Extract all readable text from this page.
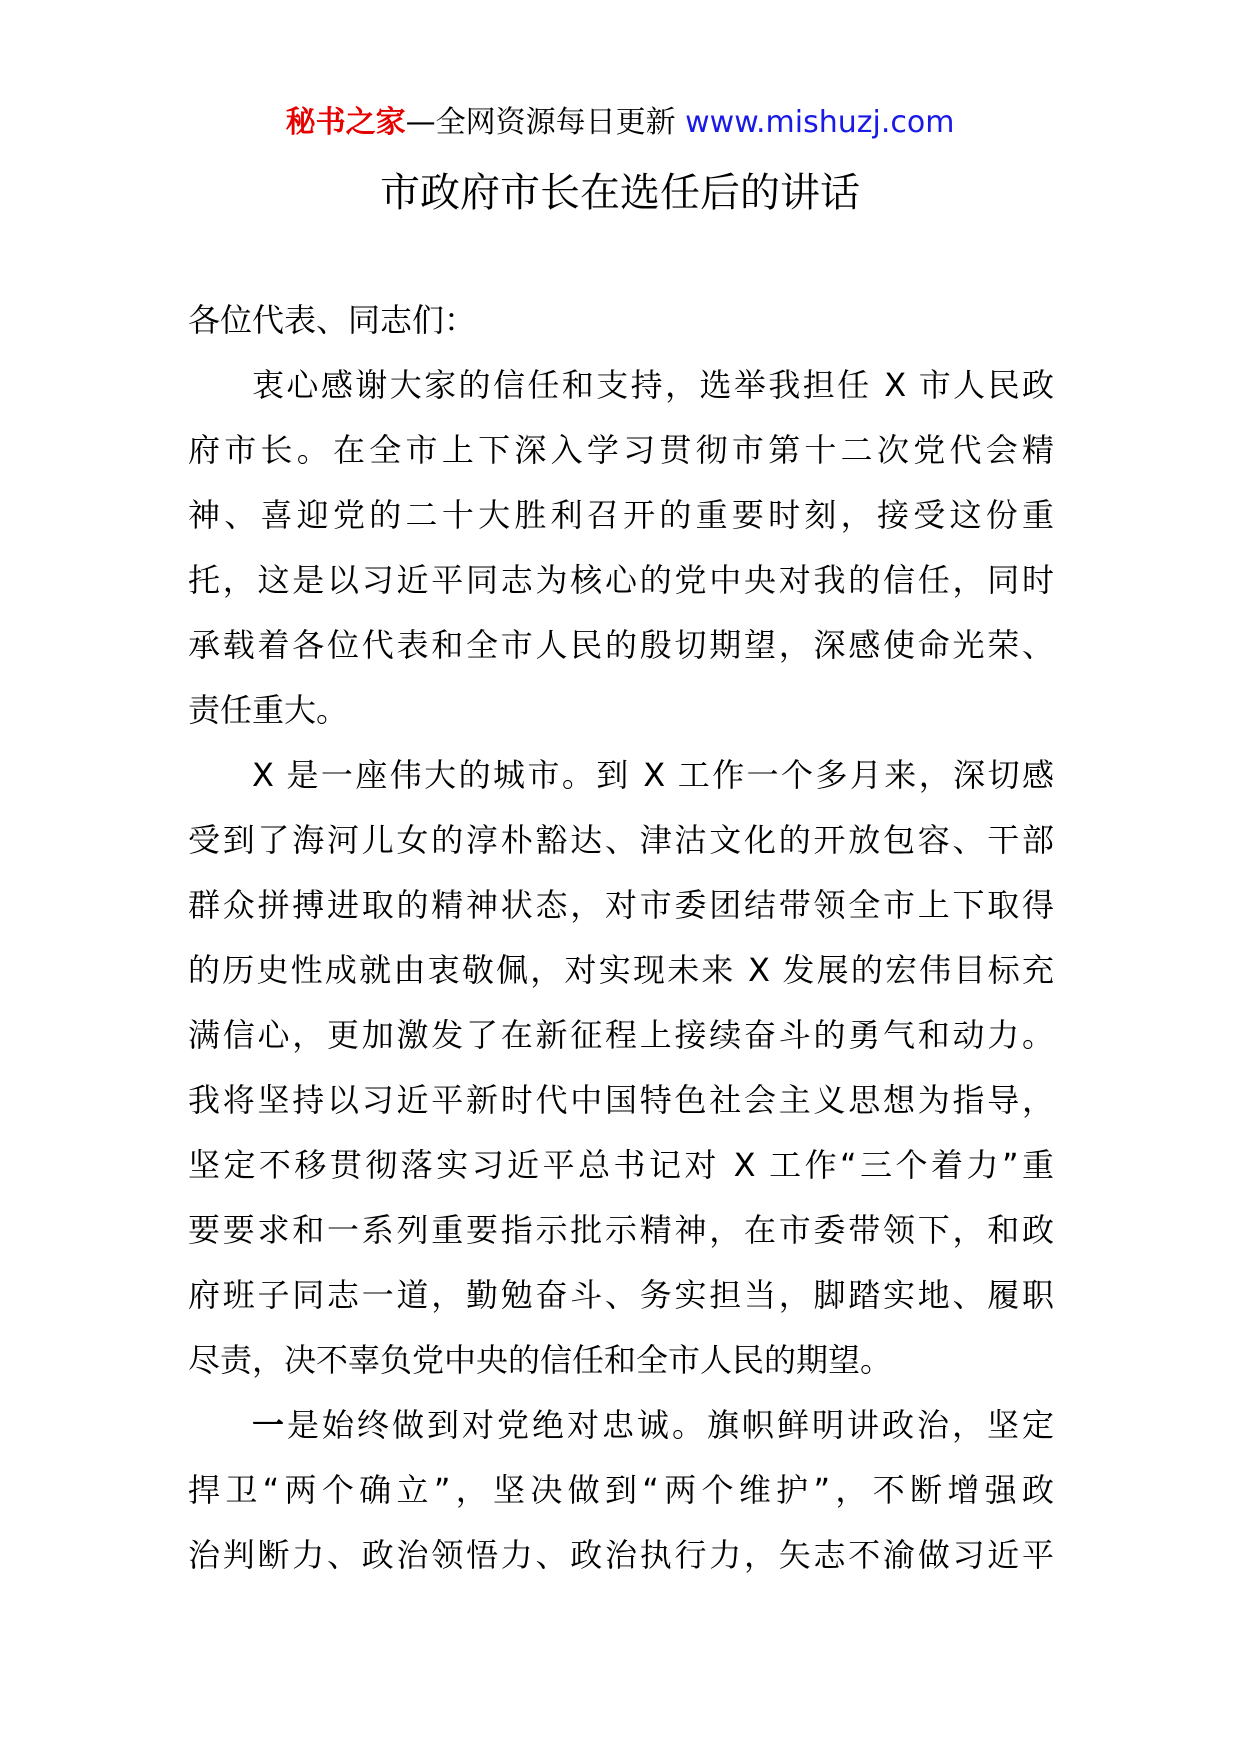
秘书之家—全网资源每日更新 www.mishuzj.com
市政府市长在选任后的讲话
各位代表、同志们：
衷心感谢大家的信任和支持，选举我担任 X 市人民政
府市长。在全市上下深入学习贯彻市第十二次党代会精
神、喜迎党的二十大胜利召开的重要时刻，接受这份重
托，这是以习近平同志为核心的党中央对我的信任，同时
承载着各位代表和全市人民的殷切期望，深感使命光荣、
责任重大。
X 是一座伟大的城市。到 X 工作一个多月来，深切感
受到了海河儿女的淳朴豁达、津沽文化的开放包容、干部
群众拼搏进取的精神状态，对市委团结带领全市上下取得
的历史性成就由衷敬佩，对实现未来 X 发展的宏伟目标充
满信心，更加激发了在新征程上接续奋斗的勇气和动力。
我将坚持以习近平新时代中国特色社会主义思想为指导，
坚定不移贯彻落实习近平总书记对 X 工作“三个着力”重
要要求和一系列重要指示批示精神，在市委带领下，和政
府班子同志一道，勤勉奋斗、务实担当，脚踏实地、履职
尽责，决不辜负党中央的信任和全市人民的期望。
一是始终做到对党绝对忠诚。旗帜鲜明讲政治，坚定
捍卫“两个确立”，坚决做到“两个维护”，不断增强政
治判断力、政治领悟力、政治执行力，矢志不渝做习近平
